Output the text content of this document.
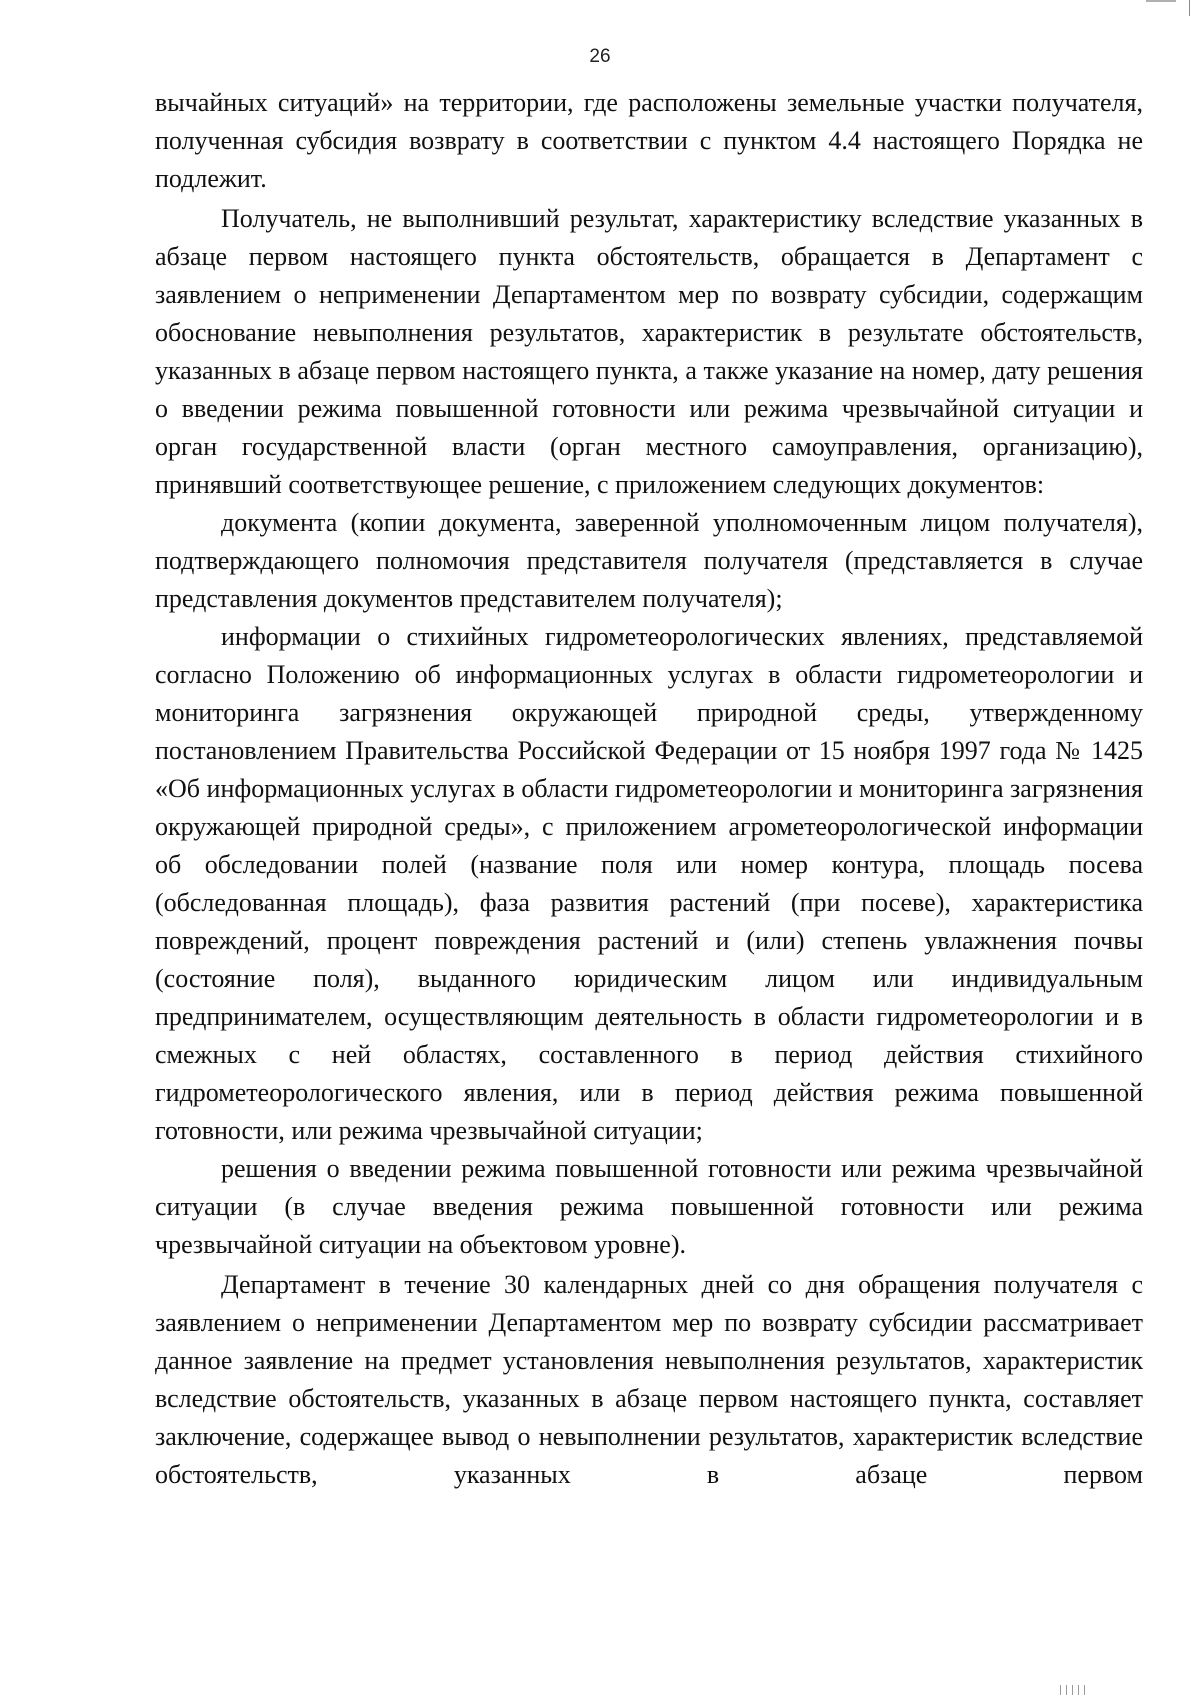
26

вычайных ситуаций» на территории, где расположены земельные участки получателя, полученная субсидия возврату в соответствии с пунктом 4.4 настоящего Порядка не подлежит.

Получатель, не выполнивший результат, характеристику вследствие указанных в абзаце первом настоящего пункта обстоятельств, обращается в Департамент с заявлением о неприменении Департаментом мер по возврату субсидии, содержащим обоснование невыполнения результатов, характеристик в результате обстоятельств, указанных в абзаце первом настоящего пункта, а также указание на номер, дату решения о введении режима повышенной готовности или режима чрезвычайной ситуации и орган государственной власти (орган местного самоуправления, организацию), принявший соответствующее решение, с приложением следующих документов:

документа (копии документа, заверенной уполномоченным лицом получателя), подтверждающего полномочия представителя получателя (представляется в случае представления документов представителем получателя);

информации о стихийных гидрометеорологических явлениях, представляемой согласно Положению об информационных услугах в области гидрометеорологии и мониторинга загрязнения окружающей природной среды, утвержденному постановлением Правительства Российской Федерации от 15 ноября 1997 года № 1425 «Об информационных услугах в области гидрометеорологии и мониторинга загрязнения окружающей природной среды», с приложением агрометеорологической информации об обследовании полей (название поля или номер контура, площадь посева (обследованная площадь), фаза развития растений (при посеве), характеристика повреждений, процент повреждения растений и (или) степень увлажнения почвы (состояние поля), выданного юридическим лицом или индивидуальным предпринимателем, осуществляющим деятельность в области гидрометеорологии и в смежных с ней областях, составленного в период действия стихийного гидрометеорологического явления, или в период действия режима повышенной готовности, или режима чрезвычайной ситуации;

решения о введении режима повышенной готовности или режима чрезвычайной ситуации (в случае введения режима повышенной готовности или режима чрезвычайной ситуации на объектовом уровне).

Департамент в течение 30 календарных дней со дня обращения получателя с заявлением о неприменении Департаментом мер по возврату субсидии рассматривает данное заявление на предмет установления невыполнения результатов, характеристик вследствие обстоятельств, указанных в абзаце первом настоящего пункта, составляет заключение, содержащее вывод о невыполнении результатов, характеристик вследствие обстоятельств, указанных в абзаце первом
